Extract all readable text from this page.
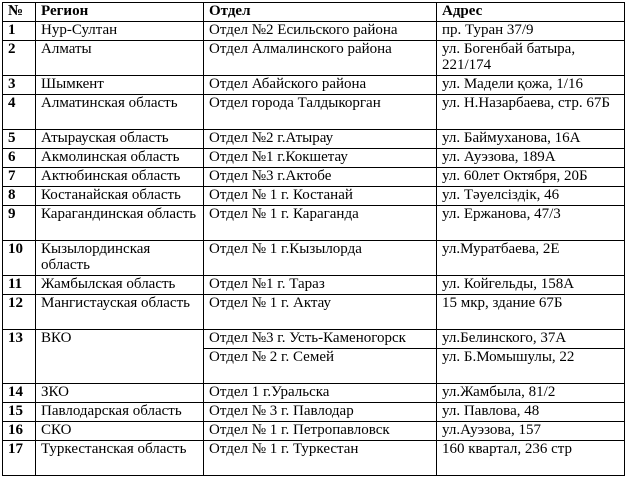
№	Регион	Отдел	Адрес
1	Нур-Султан	Отдел №2 Есильского района	пр. Туран 37/9
2	Алматы	Отдел Алмалинского района	ул. Богенбай батыра, 221/174
3	Шымкент	Отдел Абайского района	ул. Мадели қожа, 1/16
4	Алматинская область	Отдел города Талдыкорган	ул. Н.Назарбаева, стр. 67Б
5	Атырауская область	Отдел №2 г.Атырау	ул. Баймуханова, 16А
6	Акмолинская область	Отдел №1 г.Кокшетау	ул. Ауэзова, 189А
7	Актюбинская область	Отдел №3 г.Актобе	ул. 60лет Октября, 20Б
8	Костанайская область	Отдел № 1 г. Костанай	ул. Тәуелсіздік, 46
9	Карагандинская область	Отдел № 1 г. Караганда	ул. Ержанова, 47/3
10	Кызылординская область	Отдел № 1 г.Кызылорда	ул.Муратбаева, 2Е
11	Жамбылская область	Отдел №1 г. Тараз	ул. Койгельды, 158А
12	Мангистауская область	Отдел № 1 г. Актау	15 мкр, здание 67Б
13	ВКО	Отдел №3 г. Усть-Каменогорск	ул.Белинского, 37А
		Отдел № 2 г. Семей	ул. Б.Момышулы, 22
14	ЗКО	Отдел 1 г.Уральска	ул.Жамбыла, 81/2
15	Павлодарская область	Отдел № 3 г. Павлодар	ул. Павлова, 48
16	СКО	Отдел № 1 г. Петропавловск	ул.Ауэзова, 157
17	Туркестанская область	Отдел № 1 г. Туркестан	160 квартал, 236 стр
